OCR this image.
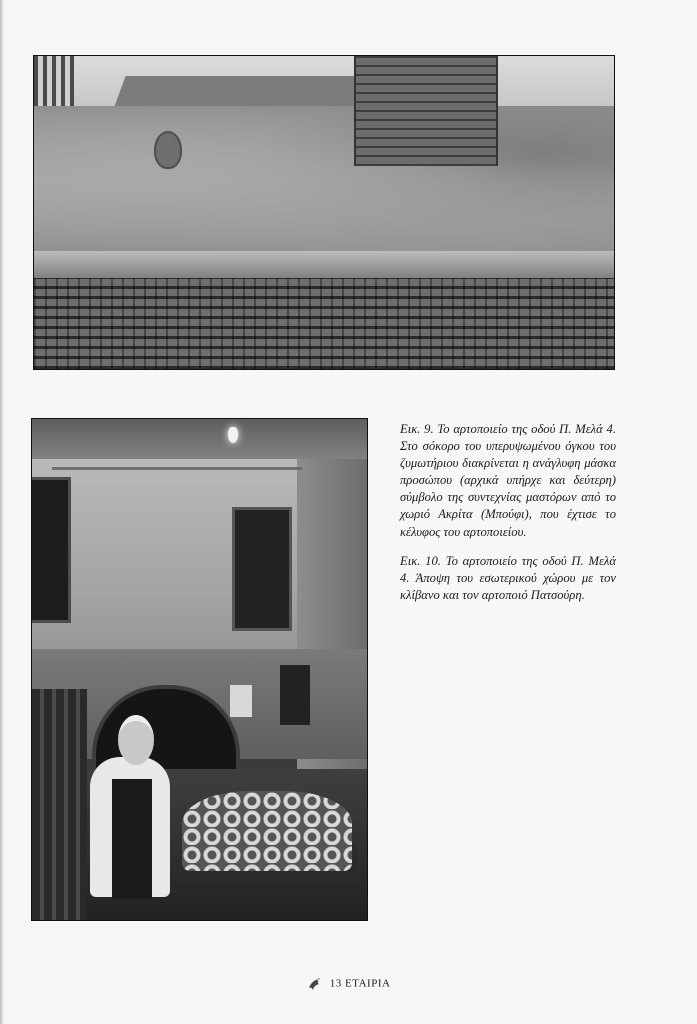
Εικ. 9. Το αρτοποιείο της οδού Π. Μελά 4. Στο σόκορο του υπερυψωμένου όγκου του ζυμωτήριου διακρίνεται η ανάγλυφη μάσκα προσώπου (αρχικά υπήρχε και δεύτερη) σύμβολο της συντεχνίας μαστόρων από το χωριό Ακρίτα (Μπούφι), που έχτισε το κέλυφος του αρτοποιείου.

Εικ. 10. Το αρτοποιείο της οδού Π. Μελά 4. Άποψη του εσωτερικού χώρου με τον κλίβανο και τον αρτοποιό Πατσούρη.

13 ΕΤΑΙΡΙΑ
